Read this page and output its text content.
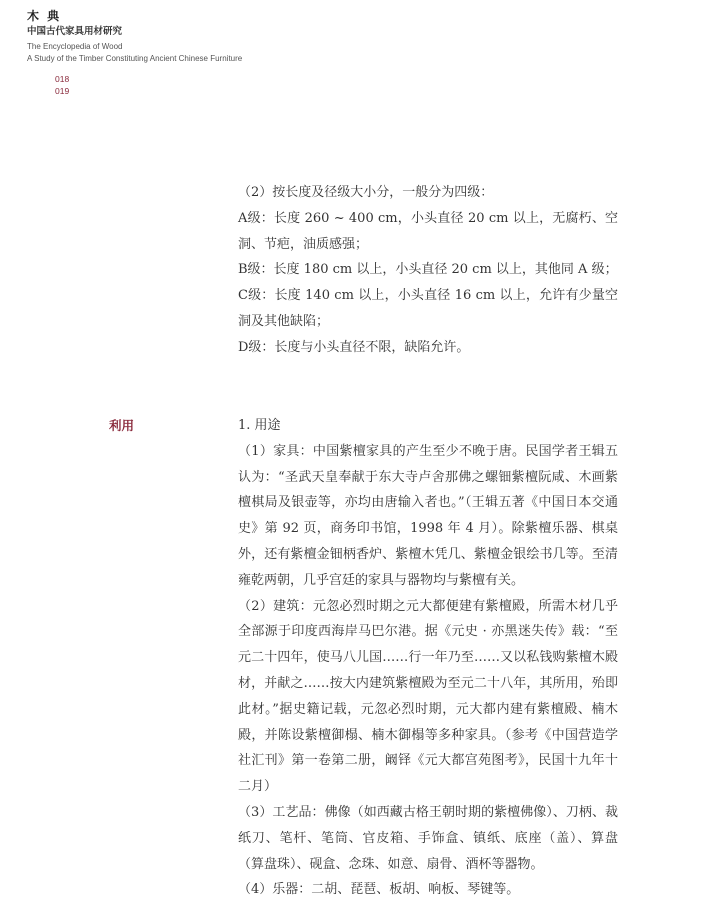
木 典
中国古代家具用材研究
The Encyclopedia of Wood
A Study of the Timber Constituting Ancient Chinese Furniture
018
019

（2）按长度及径级大小分，一般分为四级：

A级：长度 260 ~ 400 cm，小头直径 20 cm 以上，无腐朽、空洞、节疤，油质感强；

B级：长度 180 cm 以上，小头直径 20 cm 以上，其他同 A 级；

C级：长度 140 cm 以上，小头直径 16 cm 以上，允许有少量空洞及其他缺陷；

D级：长度与小头直径不限，缺陷允许。

利用	1. 用途

（1）家具：中国紫檀家具的产生至少不晚于唐。民国学者王辑五认为：“圣武天皇奉献于东大寺卢舍那佛之螺钿紫檀阮咸、木画紫檀棋局及银壶等，亦均由唐输入者也。”（王辑五著《中国日本交通史》第 92 页，商务印书馆，1998 年 4 月）。除紫檀乐器、棋桌外，还有紫檀金钿柄香炉、紫檀木凭几、紫檀金银绘书几等。至清雍乾两朝，几乎宫廷的家具与器物均与紫檀有关。

（2）建筑：元忽必烈时期之元大都便建有紫檀殿，所需木材几乎全部源于印度西海岸马巴尔港。据《元史 · 亦黑迷失传》载：“至元二十四年，使马八儿国……行一年乃至……又以私钱购紫檀木殿材，并献之……按大内建筑紫檀殿为至元二十八年，其所用，殆即此材。”据史籍记载，元忽必烈时期，元大都内建有紫檀殿、楠木殿，并陈设紫檀御榻、楠木御榻等多种家具。（参考《中国营造学社汇刊》第一卷第二册，阚铎《元大都宫苑图考》，民国十九年十二月）

（3）工艺品：佛像（如西藏古格王朝时期的紫檀佛像）、刀柄、裁纸刀、笔杆、笔筒、官皮箱、手饰盒、镇纸、底座（盖）、算盘（算盘珠）、砚盒、念珠、如意、扇骨、酒杯等器物。

（4）乐器：二胡、琵琶、板胡、响板、琴键等。
